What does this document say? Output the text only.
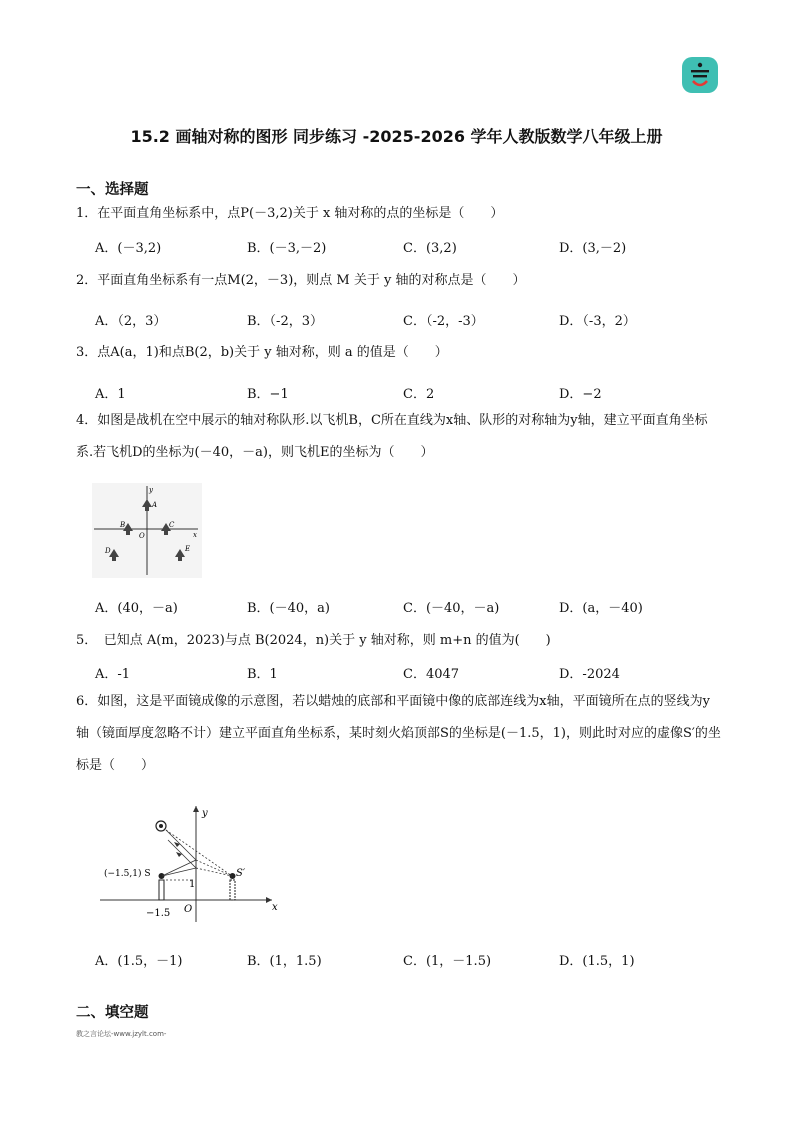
15.2 画轴对称的图形 同步练习 -2025-2026 学年人教版数学八年级上册
一、选择题
1．在平面直角坐标系中，点P(－3,2)关于 x 轴对称的点的坐标是（　　）
A．(－3,2)	B．(－3,－2)	C．(3,2)	D．(3,－2)
2．平面直角坐标系有一点M(2，－3)，则点 M 关于 y 轴的对称点是（　　）
A．（2，3）	B．（-2，3）	C．（-2，-3）	D．（-3，2）
3．点A(a，1)和点B(2，b)关于 y 轴对称，则 a 的值是（　　）
A．1	B．−1	C．2	D．−2
4．如图是战机在空中展示的轴对称队形.以飞机B，C所在直线为x轴、队形的对称轴为y轴，建立平面直角坐标系.若飞机D的坐标为(－40，－a)，则飞机E的坐标为（　　）
y
A
B	C
O	x
D	E
A．(40，－a)	B．(－40，a)	C．(－40，－a)	D．(a，－40)
5．　已知点 A(m，2023)与点 B(2024，n)关于 y 轴对称，则 m+n 的值为(　　)
A．-1	B．1	C．4047	D．-2024
6．如图，这是平面镜成像的示意图，若以蜡烛的底部和平面镜中像的底部连线为x轴，平面镜所在点的竖线为y轴（镜面厚度忽略不计）建立平面直角坐标系，某时刻火焰顶部S的坐标是(－1.5，1)，则此时对应的虚像S′的坐标是（　　）
y
(−1.5,1) S	S′
1
−1.5 O	x
A．(1.5，－1)	B．(1，1.5)	C．(1，－1.5)	D．(1.5，1)
二、填空题
教之言论坛-www.jzylt.com-
